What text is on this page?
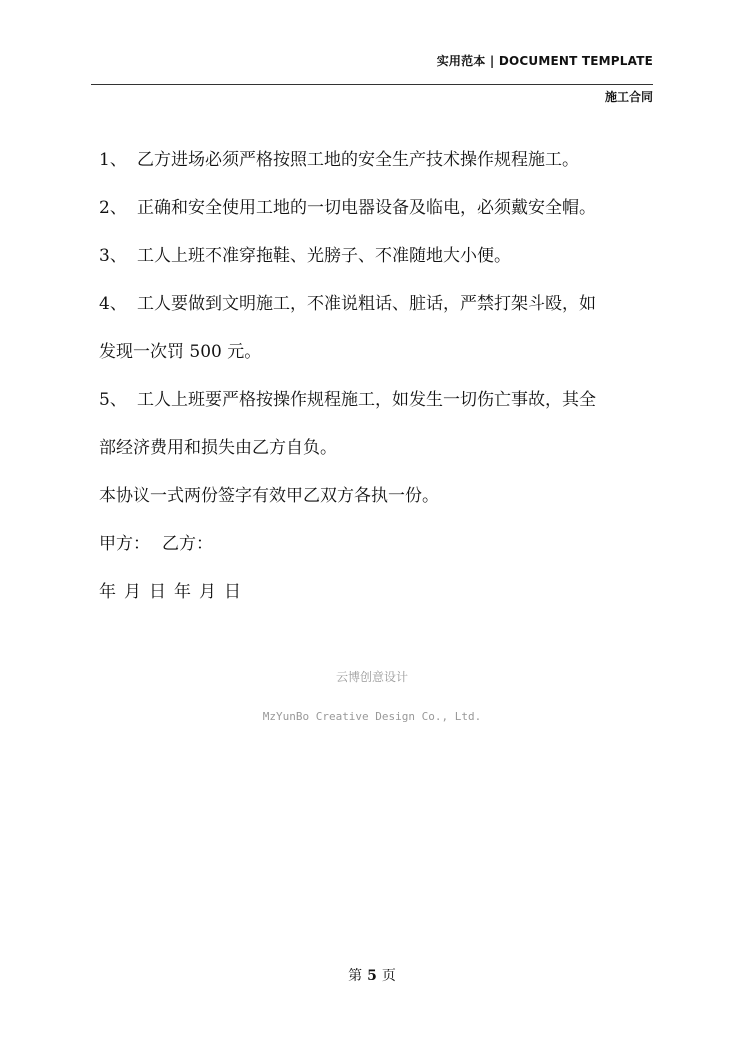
实用范本 | DOCUMENT TEMPLATE
施工合同

1、 乙方进场必须严格按照工地的安全生产技术操作规程施工。

2、 正确和安全使用工地的一切电器设备及临电，必须戴安全帽。

3、 工人上班不准穿拖鞋、光膀子、不准随地大小便。

4、 工人要做到文明施工，不准说粗话、脏话，严禁打架斗殴，如

发现一次罚 500 元。

5、 工人上班要严格按操作规程施工，如发生一切伤亡事故，其全

部经济费用和损失由乙方自负。

本协议一式两份签字有效甲乙双方各执一份。

甲方： 乙方：

年 月 日 年 月 日

云博创意设计
MzYunBo Creative Design Co., Ltd.
第 5 页
